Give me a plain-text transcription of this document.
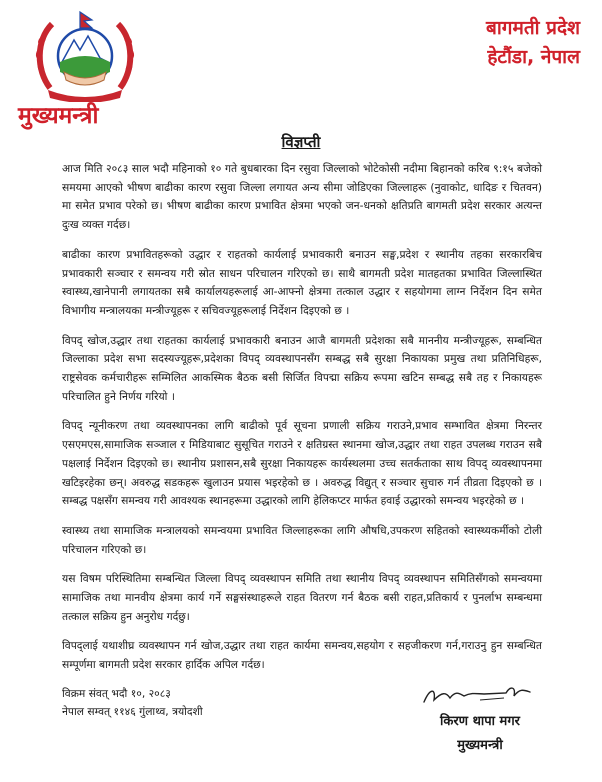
मुख्यमन्त्री
बागमती प्रदेश
हेटौंडा, नेपाल
विज्ञप्ती

आज मिति २०८३ साल भदौ महिनाको १० गते बुधबारका दिन रसुवा जिल्लाको भोटेकोसी नदीमा बिहानको करिब ९:१५ बजेको समयमा आएको भीषण बाढीका कारण रसुवा जिल्ला लगायत अन्य सीमा जोडिएका जिल्लाहरू (नुवाकोट, धादिङ र चितवन) मा समेत प्रभाव परेको छ। भीषण बाढीका कारण प्रभावित क्षेत्रमा भएको जन-धनको क्षतिप्रति बागमती प्रदेश सरकार अत्यन्त दुःख व्यक्त गर्दछ।

बाढीका कारण प्रभावितहरूको उद्धार र राहतको कार्यलाई प्रभावकारी बनाउन सङ्घ,प्रदेश र स्थानीय तहका सरकारबिच प्रभावकारी सञ्चार र समन्वय गरी स्रोत साधन परिचालन गरिएको छ। साथै बागमती प्रदेश मातहतका प्रभावित जिल्लास्थित स्वास्थ्य,खानेपानी लगायतका सबै कार्यालयहरूलाई आ-आफ्नो क्षेत्रमा तत्काल उद्धार र सहयोगमा लाग्न निर्देशन दिन समेत विभागीय मन्त्रालयका मन्त्रीज्यूहरू र सचिवज्यूहरूलाई निर्देशन दिइएको छ ।

विपद् खोज,उद्धार तथा राहतका कार्यलाई प्रभावकारी बनाउन आजै बागमती प्रदेशका सबै माननीय मन्त्रीज्यूहरू, सम्बन्धित जिल्लाका प्रदेश सभा सदस्यज्यूहरू,प्रदेशका विपद् व्यवस्थापनसँग सम्बद्ध सबै सुरक्षा निकायका प्रमुख तथा प्रतिनिधिहरू, राष्ट्रसेवक कर्मचारीहरू सम्मिलित आकस्मिक बैठक बसी सिर्जित विपद्मा सक्रिय रूपमा खटिन सम्बद्ध सबै तह र निकायहरू परिचालित हुने निर्णय गरियो ।

विपद् न्यूनीकरण तथा व्यवस्थापनका लागि बाढीको पूर्व सूचना प्रणाली सक्रिय गराउने,प्रभाव सम्भावित क्षेत्रमा निरन्तर एसएमएस,सामाजिक सञ्जाल र मिडियाबाट सुसूचित गराउने र क्षतिग्रस्त स्थानमा खोज,उद्धार तथा राहत उपलब्ध गराउन सबै पक्षलाई निर्देशन दिइएको छ। स्थानीय प्रशासन,सबै सुरक्षा निकायहरू कार्यस्थलमा उच्च सतर्कताका साथ विपद् व्यवस्थापनमा खटिइरहेका छन्। अवरुद्ध सडकहरू खुलाउन प्रयास भइरहेको छ । अवरुद्ध विद्युत् र सञ्चार सुचारु गर्न तीव्रता दिइएको छ । सम्बद्ध पक्षसँग समन्वय गरी आवश्यक स्थानहरूमा उद्धारको लागि हेलिकप्टर मार्फत हवाई उद्धारको समन्वय भइरहेको छ ।

स्वास्थ्य तथा सामाजिक मन्त्रालयको समन्वयमा प्रभावित जिल्लाहरूका लागि औषधि,उपकरण सहितको स्वास्थ्यकर्मीको टोली परिचालन गरिएको छ।

यस विषम परिस्थितिमा सम्बन्धित जिल्ला विपद् व्यवस्थापन समिति तथा स्थानीय विपद् व्यवस्थापन समितिसँगको समन्वयमा सामाजिक तथा मानवीय क्षेत्रमा कार्य गर्ने सङ्घसंस्थाहरूले राहत वितरण गर्न बैठक बसी राहत,प्रतिकार्य र पुनर्लाभ सम्बन्धमा तत्काल सक्रिय हुन अनुरोध गर्दछु।

विपद्लाई यथाशीघ्र व्यवस्थापन गर्न खोज,उद्धार तथा राहत कार्यमा समन्वय,सहयोग र सहजीकरण गर्न,गराउनु हुन सम्बन्धित सम्पूर्णमा बागमती प्रदेश सरकार हार्दिक अपिल गर्दछ।

विक्रम संवत् भदौ १०, २०८३
नेपाल सम्वत् ११४६ गुंलाथ्व, त्रयोदशी
किरण थापा मगर
मुख्यमन्त्री
